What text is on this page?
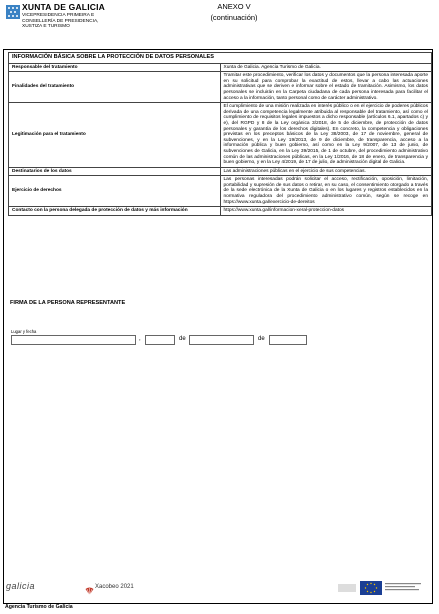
XUNTA DE GALICIA
VICEPRESIDENCIA PRIMEIRA E
CONSELLERÍA DE PRESIDENCIA,
XUSTIZA E TURISMO
ANEXO V
(continuación)
INFORMACIÓN BÁSICA SOBRE LA PROTECCIÓN DE DATOS PERSONALES	
Responsable del tratamiento	Xunta de Galicia. Agencia Turismo de Galicia.
Finalidades del tratamiento	Tramitar este procedimiento, verificar los datos y documentos que la persona interesada aporte en su solicitud para comprobar la exactitud de estos, llevar a cabo las actuaciones administrativas que se deriven e informar sobre el estado de tramitación. Asimismo, los datos personales se incluirán en la Carpeta ciudadana de cada persona interesada para facilitar el acceso a la información, tanto personal como de carácter administrativo.
Legitimación para el tratamiento	El cumplimiento de una misión realizada en interés público o en el ejercicio de poderes públicos derivada de una competencia legalmente atribuida al responsable del tratamiento, así como el cumplimiento de requisitos legales impuestos a dicho responsable (artículos 6.1, apartados c) y e), del RGPD y 8 de la Ley orgánica 3/2018, de 5 de diciembre, de protección de datos personales y garantía de los derechos digitales). En concreto, la competencia y obligaciones previstas en los preceptos básicos de la Ley 38/2003, de 17 de noviembre, general de subvenciones, y en la Ley 19/2013, de 9 de diciembre, de transparencia, acceso a la información pública y buen gobierno, así como en la Ley 9/2007, de 13 de junio, de subvenciones de Galicia, en la Ley 39/2015, de 1 de octubre, del procedimiento administrativo común de las administraciones públicas, en la Ley 1/2016, de 18 de enero, de transparencia y buen gobierno, y en la Ley 4/2019, de 17 de julio, de administración digital de Galicia.
Destinatarios de los datos	Las administraciones públicas en el ejercicio de sus competencias.
Ejercicio de derechos	Las personas interesadas podrán solicitar el acceso, rectificación, oposición, limitación, portabilidad y supresión de sus datos o retirar, en su caso, el consentimiento otorgado a través de la sede electrónica de la Xunta de Galicia o en los lugares y registros establecidos en la normativa reguladora del procedimiento administrativo común, según se recoge en https://www.xunta.gal/exercicio-de-dereitos
Contacto con la persona delegada de protección de datos y más información	https://www.xunta.gal/informacion-xeral-proteccion-datos
FIRMA DE LA PERSONA REPRESENTANTE
Lugar y fecha
,	de	de
galicia	Xacobeo 2021
Agencia Turismo de Galicia
